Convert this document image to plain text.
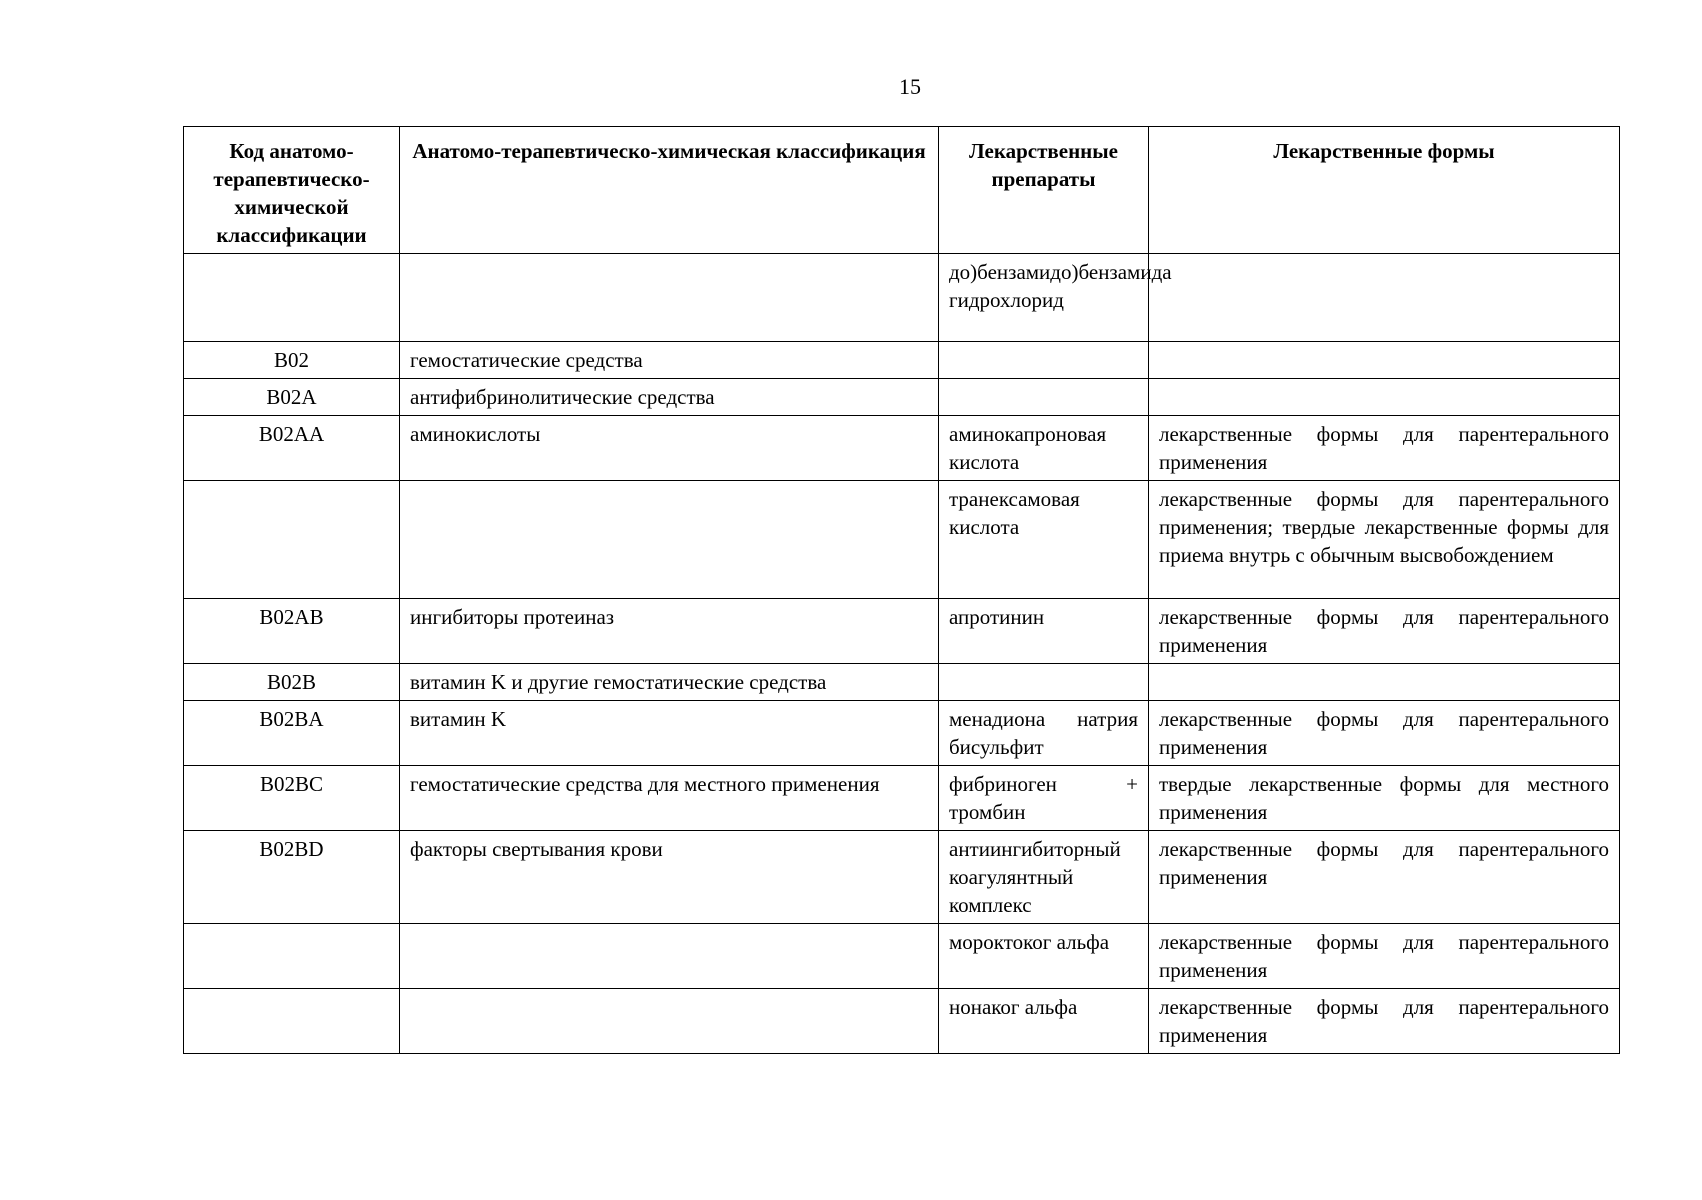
15
Код анатомо-терапевтическо-химической классификации	Анатомо-терапевтическо-химическая классификация	Лекарственные препараты	Лекарственные формы
		до)бензамидо)бензамида гидрохлорид	
B02	гемостатические средства		
B02A	антифибринолитические средства		
B02AA	аминокислоты	аминокапроновая кислота	лекарственные формы для парентерального применения
		транексамовая кислота	лекарственные формы для парентерального применения; твердые лекарственные формы для приема внутрь с обычным высвобождением
B02AB	ингибиторы протеиназ	апротинин	лекарственные формы для парентерального применения
B02B	витамин K и другие гемостатические средства		
B02BA	витамин K	менадиона натрия бисульфит	лекарственные формы для парентерального применения
B02BC	гемостатические средства для местного применения	фибриноген + тромбин	твердые лекарственные формы для местного применения
B02BD	факторы свертывания крови	антиингибиторный коагулянтный комплекс	лекарственные формы для парентерального применения
		мороктоког альфа	лекарственные формы для парентерального применения
		нонаког альфа	лекарственные формы для парентерального применения
